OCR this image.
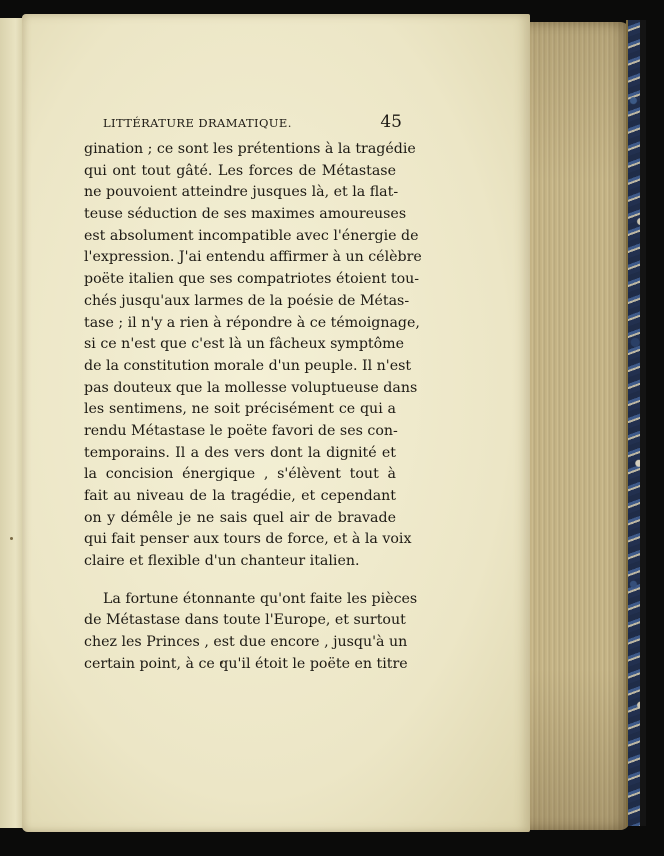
LITTÉRATURE DRAMATIQUE.	45
gination ; ce sont les prétentions à la tragédie
qui ont tout gâté. Les forces de Métastase
ne pouvoient atteindre jusques là, et la flat-
teuse séduction de ses maximes amoureuses
est absolument incompatible avec l'énergie de
l'expression. J'ai entendu affirmer à un célèbre
poëte italien que ses compatriotes étoient tou-
chés jusqu'aux larmes de la poésie de Métas-
tase ; il n'y a rien à répondre à ce témoignage,
si ce n'est que c'est là un fâcheux symptôme
de la constitution morale d'un peuple. Il n'est
pas douteux que la mollesse voluptueuse dans
les sentimens, ne soit précisément ce qui a
rendu Métastase le poëte favori de ses con-
temporains. Il a des vers dont la dignité et
la concision énergique , s'élèvent tout à
fait au niveau de la tragédie, et cependant
on y démêle je ne sais quel air de bravade
qui fait penser aux tours de force, et à la voix
claire et flexible d'un chanteur italien.
La fortune étonnante qu'ont faite les pièces
de Métastase dans toute l'Europe, et surtout
chez les Princes , est due encore , jusqu'à un
certain point, à ce qu'il étoit le poëte en titre
